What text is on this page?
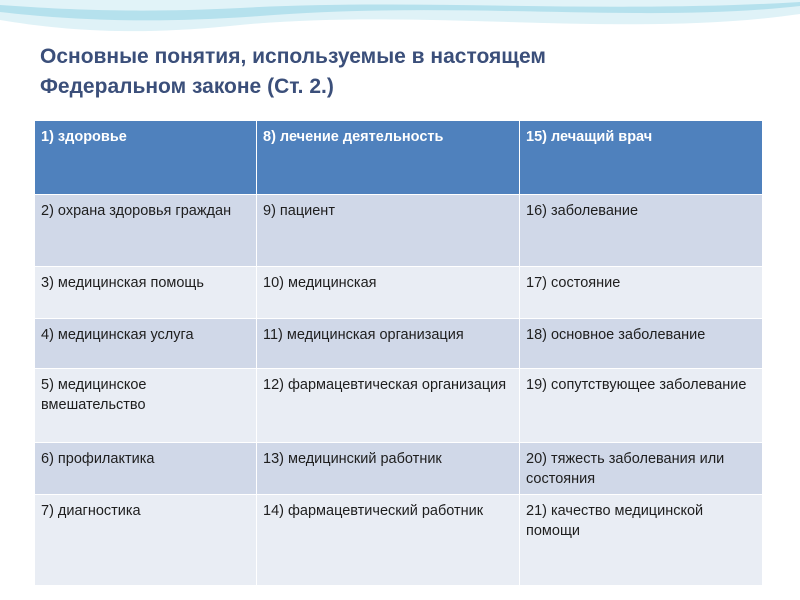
Основные понятия, используемые в настоящем
Федеральном законе (Ст. 2.)
1) здоровье	8) лечение деятельность	15) лечащий врач
2) охрана здоровья граждан	9) пациент	16) заболевание
3) медицинская помощь	10) медицинская	17) состояние
4) медицинская услуга	11) медицинская организация	18) основное заболевание
5) медицинское вмешательство	12) фармацевтическая организация	19) сопутствующее заболевание
6) профилактика	13) медицинский работник	20) тяжесть заболевания или состояния
7) диагностика	14) фармацевтический работник	21) качество медицинской помощи
